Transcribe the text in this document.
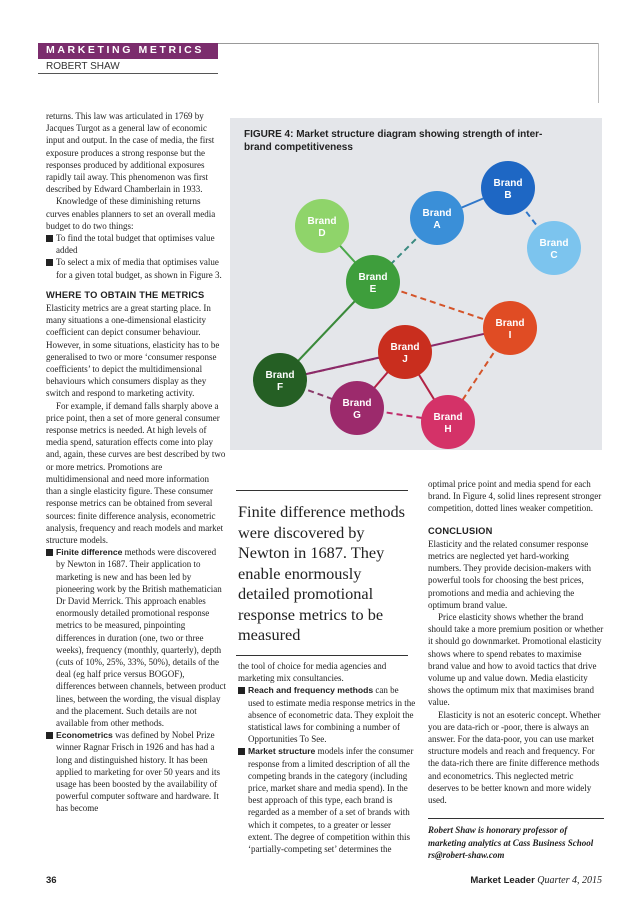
MARKETING METRICS
ROBERT SHAW

returns. This law was articulated in 1769 by Jacques Turgot as a general law of economic input and output. In the case of media, the first exposure produces a strong response but the responses produced by additional exposures rapidly tail away. This phenomenon was first described by Edward Chamberlain in 1933.

Knowledge of these diminishing returns curves enables planners to set an overall media budget to do two things:

To find the total budget that optimises value added

To select a mix of media that optimises value for a given total budget, as shown in Figure 3.

WHERE TO OBTAIN THE METRICS

Elasticity metrics are a great starting place. In many situations a one-dimensional elasticity coefficient can depict consumer behaviour. However, in some situations, elasticity has to be generalised to two or more ‘consumer response coefficients’ to depict the multidimensional behaviours which consumers display as they switch and respond to marketing activity.

For example, if demand falls sharply above a price point, then a set of more general consumer response metrics is needed. At high levels of media spend, saturation effects come into play and, again, these curves are best described by two or more metrics. Promotions are multidimensional and need more information than a single elasticity figure. These consumer response metrics can be obtained from several sources: finite difference analysis, econometric analysis, frequency and reach models and market structure models.

Finite difference methods were discovered by Newton in 1687. Their application to marketing is new and has been led by pioneering work by the British mathematician Dr David Merrick. This approach enables enormously detailed promotional response metrics to be measured, pinpointing differences in duration (one, two or three weeks), frequency (monthly, quarterly), depth (cuts of 10%, 25%, 33%, 50%), details of the deal (eg half price versus BOGOF), differences between channels, between product lines, between the wording, the visual display and the placement. Such details are not available from other methods.

Econometrics was defined by Nobel Prize winner Ragnar Frisch in 1926 and has had a long and distinguished history. It has been applied to marketing for over 50 years and its usage has been boosted by the availability of powerful computer software and hardware. It has become

FIGURE 4: Market structure diagram showing strength of inter-brand competitiveness
Brand
A
Brand
B
Brand
C
Brand
D
Brand
E
Brand
F
Brand
G	Brand
H
Brand
I
Brand
J
Finite difference methods were discovered by Newton in 1687. They enable enormously detailed promotional response metrics to be measured

the tool of choice for media agencies and marketing mix consultancies.

Reach and frequency methods can be used to estimate media response metrics in the absence of econometric data. They exploit the statistical laws for combining a number of Opportunities To See.

Market structure models infer the consumer response from a limited description of all the competing brands in the category (including price, market share and media spend). In the best approach of this type, each brand is regarded as a member of a set of brands with which it competes, to a greater or lesser extent. The degree of competition within this ‘partially-competing set’ determines the

optimal price point and media spend for each brand. In Figure 4, solid lines represent stronger competition, dotted lines weaker competition.

CONCLUSION

Elasticity and the related consumer response metrics are neglected yet hard-working numbers. They provide decision-makers with powerful tools for choosing the best prices, promotions and media and achieving the optimum brand value.

Price elasticity shows whether the brand should take a more premium position or whether it should go downmarket. Promotional elasticity shows where to spend rebates to maximise brand value and how to avoid tactics that drive volume up and value down. Media elasticity shows the optimum mix that maximises brand value.

Elasticity is not an esoteric concept. Whether you are data-rich or -poor, there is always an answer. For the data-poor, you can use market structure models and reach and frequency. For the data-rich there are finite difference methods and econometrics. This neglected metric deserves to be better known and more widely used.

Robert Shaw is honorary professor of marketing analytics at Cass Business School rs@robert-shaw.com
36	Market Leader Quarter 4, 2015
